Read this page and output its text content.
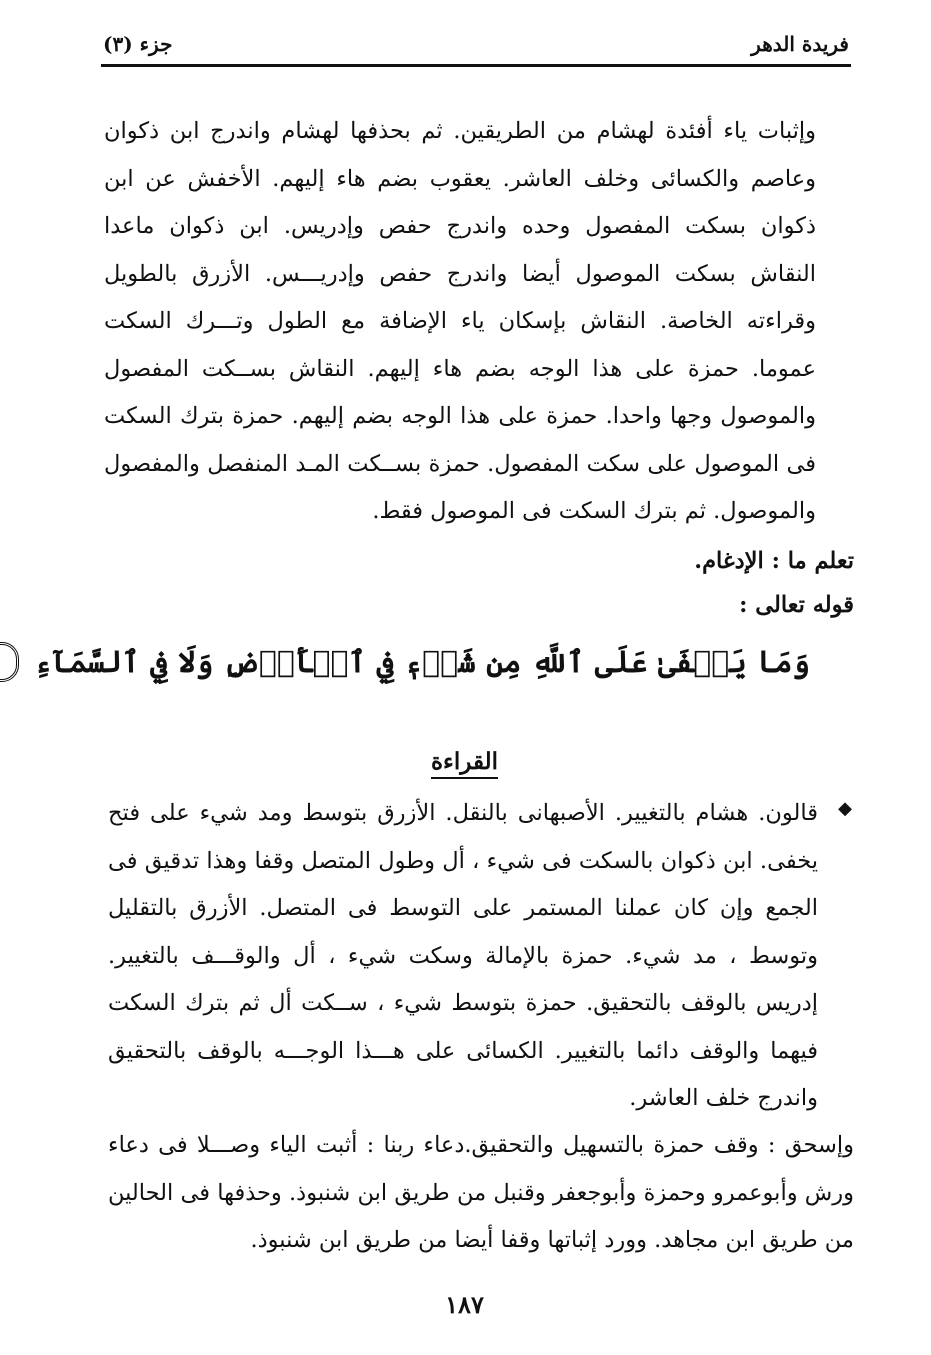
فريدة الدهر
جزء (٣)

وإثبات ياء أفئدة لهشام من الطريقين. ثم بحذفها لهشام واندرج ابن ذكوان وعاصم والكسائى وخلف العاشر. يعقوب بضم هاء إليهم. الأخفش عن ابن ذكوان بسكت المفصول وحده واندرج حفص وإدريس. ابن ذكوان ماعدا النقاش بسكت الموصول أيضا واندرج حفص وإدريـــس. الأزرق بالطويل وقراءته الخاصة. النقاش بإسكان ياء الإضافة مع الطول وتـــرك السكت عموما. حمزة على هذا الوجه بضم هاء إليهم. النقاش بســكت المفصول والموصول وجها واحدا. حمزة على هذا الوجه بضم إليهم. حمزة بترك السكت فى الموصول على سكت المفصول. حمزة بســكت المـد المنفصل والمفصول والموصول. ثم بترك السكت فى الموصول فقط.

تعلم ما : الإدغام.
قوله تعالى :
وَمَا يَخۡفَىٰ عَلَى ٱللَّهِ مِن شَيۡءٖ فِي ٱلۡأَرۡضِ وَلَا فِي ٱلسَّمَآءِ
القراءة
◆

قالون. هشام بالتغيير. الأصبهانى بالنقل. الأزرق بتوسط ومد شيء على فتح يخفى. ابن ذكوان بالسكت فى شيء ، أل وطول المتصل وقفا وهذا تدقيق فى الجمع وإن كان عملنا المستمر على التوسط فى المتصل. الأزرق بالتقليل وتوسط ، مد شيء. حمزة بالإمالة وسكت شيء ، أل والوقـــف بالتغيير. إدريس بالوقف بالتحقيق. حمزة بتوسط شيء ، ســكت أل ثم بترك السكت فيهما والوقف دائما بالتغيير. الكسائى على هـــذا الوجـــه بالوقف بالتحقيق واندرج خلف العاشر.

وإسحق : وقف حمزة بالتسهيل والتحقيق.دعاء ربنا : أثبت الياء وصـــلا فى دعاء ورش وأبوعمرو وحمزة وأبوجعفر وقنبل من طريق ابن شنبوذ. وحذفها فى الحالين من طريق ابن مجاهد. وورد إثباتها وقفا أيضا من طريق ابن شنبوذ.

١٨٧
